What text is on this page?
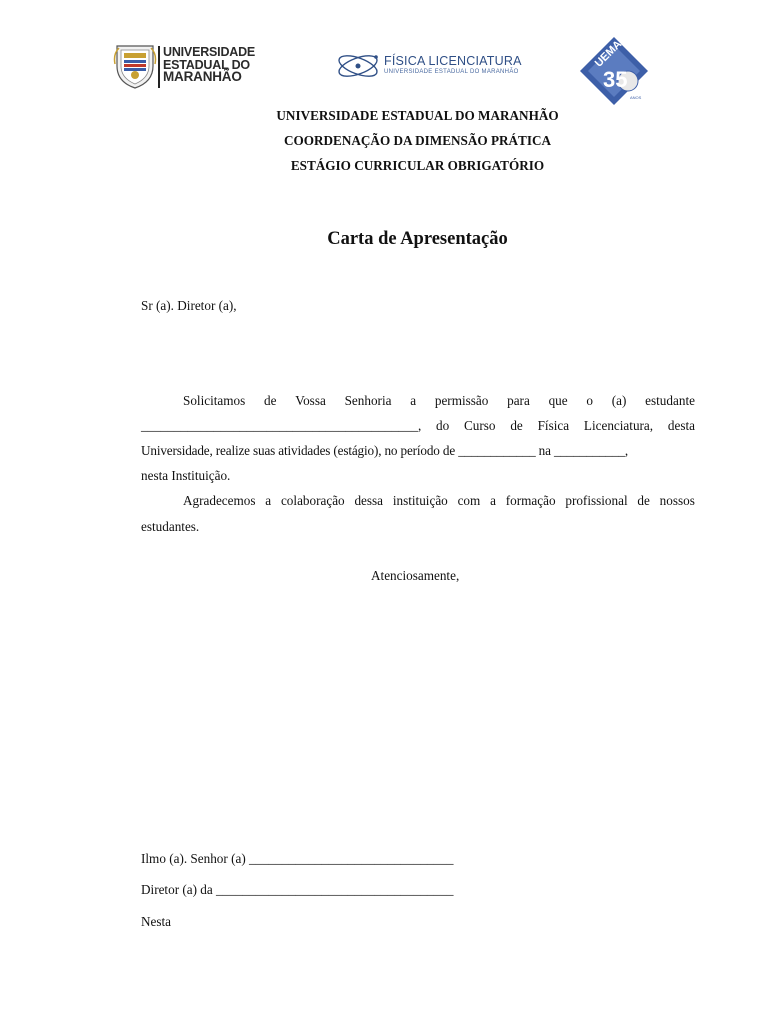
UNIVERSIDADE
ESTADUAL DO
MARANHÃO
FÍSICA LICENCIATURA
UNIVERSIDADE ESTADUAL DO MARANHÃO
UEMA
35
ANOS
UNIVERSIDADE ESTADUAL DO MARANHÃO
COORDENAÇÃO DA DIMENSÃO PRÁTICA
ESTÁGIO CURRICULAR OBRIGATÓRIO
Carta de Apresentação
Sr (a). Diretor (a),
Solicitamos de Vossa Senhoria a permissão para que o (a) estudante
__________________________________________, do Curso de Física Licenciatura, desta
Universidade, realize suas atividades (estágio), no período de ____________ na ___________,
nesta Instituição.
Agradecemos a colaboração dessa instituição com a formação profissional de nossos
estudantes.
Atenciosamente,
Ilmo (a). Senhor (a) _______________________________
Diretor (a) da ____________________________________
Nesta
